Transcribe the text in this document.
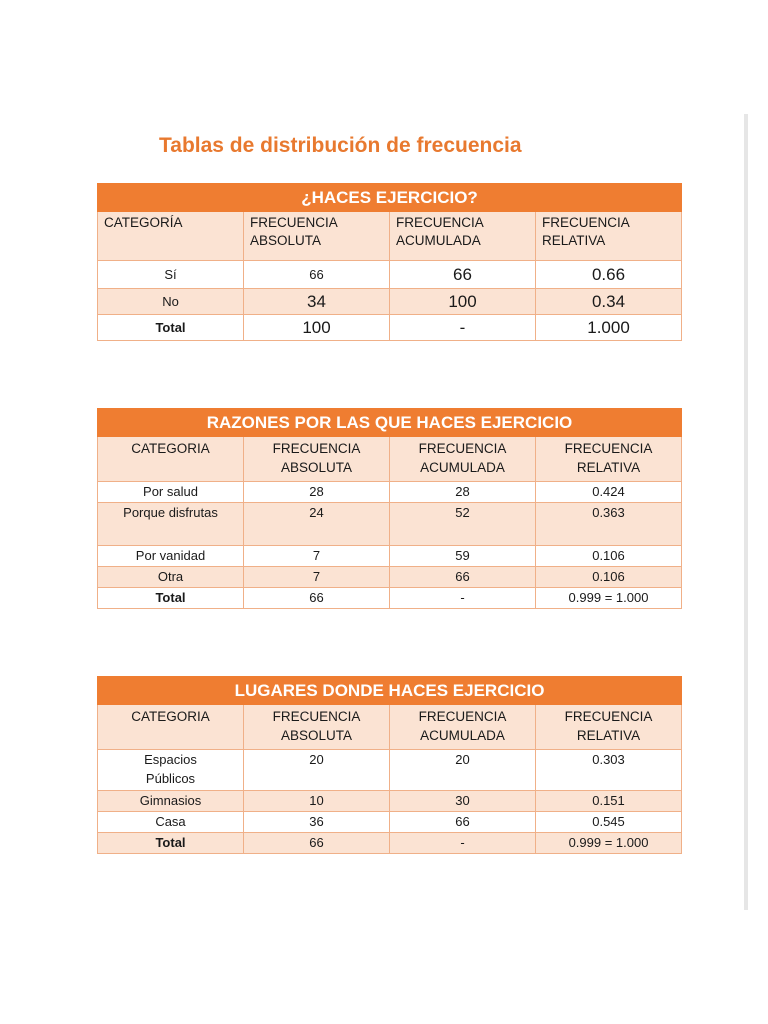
Tablas de distribución de frecuencia
¿HACES EJERCICIO?			
CATEGORÍA	FRECUENCIA ABSOLUTA	FRECUENCIA ACUMULADA	FRECUENCIA RELATIVA
Sí	66	66	0.66
No	34	100	0.34
Total	100	-	1.000
RAZONES POR LAS QUE HACES EJERCICIO			
CATEGORIA	FRECUENCIA ABSOLUTA	FRECUENCIA ACUMULADA	FRECUENCIA RELATIVA
Por salud	28	28	0.424
Porque disfrutas	24	52	0.363
Por vanidad	7	59	0.106
Otra	7	66	0.106
Total	66	-	0.999 = 1.000
LUGARES DONDE HACES EJERCICIO			
CATEGORIA	FRECUENCIA ABSOLUTA	FRECUENCIA ACUMULADA	FRECUENCIA RELATIVA
Espacios Públicos	20	20	0.303
Gimnasios	10	30	0.151
Casa	36	66	0.545
Total	66	-	0.999 = 1.000
